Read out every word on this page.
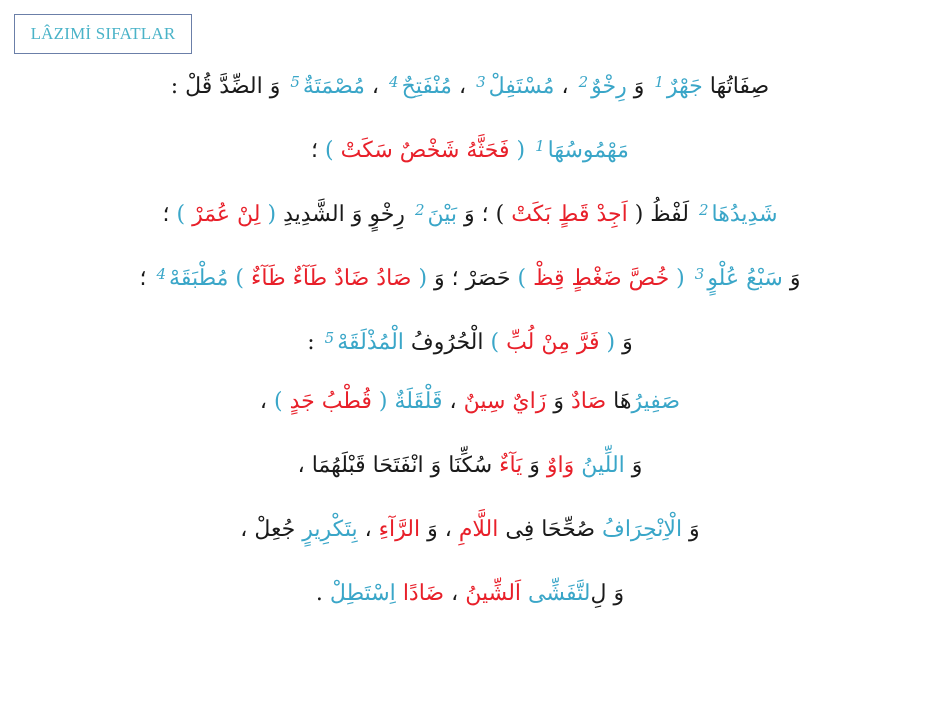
LÂZIMİ SIFATLAR
صِفَاتُهَا جَهْرٌ$^1$ وَ رِخْوٌ$^2$ ، مُسْتَفِلْ$^3$ ، مُنْفَتِحٌ$^4$ ، مُصْمَتَةٌ$^5$ وَ الضِّدَّ قُلْ :
مَهْمُوسُهَا$^1$ ( فَحَثَّهُ شَخْصٌ سَكَتْ ) ؛
شَدِيدُهَا$^2$ لَفْظُ ( اَجِدْ قَطٍ بَكَتْ ) ؛ وَ بَيْنَ$^2$ رِخْوٍ وَ الشَّدِيدِ ( لِنْ عُمَرْ ) ؛
وَ سَبْعُ عُلْوٍ$^3$ ( خُصَّ ضَغْطٍ قِظْ ) حَصَرْ ؛ وَ ( صَادُ ضَادٌ طَآءٌ ظَآءٌ ) مُطْبَقَهْ$^4$ ؛
وَ ( فَرَّ مِنْ لُبِّ ) الْحُرُوفُ الْمُذْلَقَهْ$^5$ :
صَفِيرُهَا صَادٌ وَ زَايٌ سِينٌ ، قَلْقَلَةٌ ( قُطْبُ جَدٍ ) ،
وَ اللِّينُ وَاوٌ وَ يَآءٌ سُكِّنَا وَ انْفَتَحَا قَبْلَهُمَا ،
وَ الْاِنْحِرَافُ صُحِّحَا فِى اللَّامِ ، وَ الرَّآءِ ، بِتَكْرِيرٍ جُعِلْ ،
وَ لِلتَّفَشِّى اَلشِّينُ ، ضَادًا اِسْتَطِلْ .
